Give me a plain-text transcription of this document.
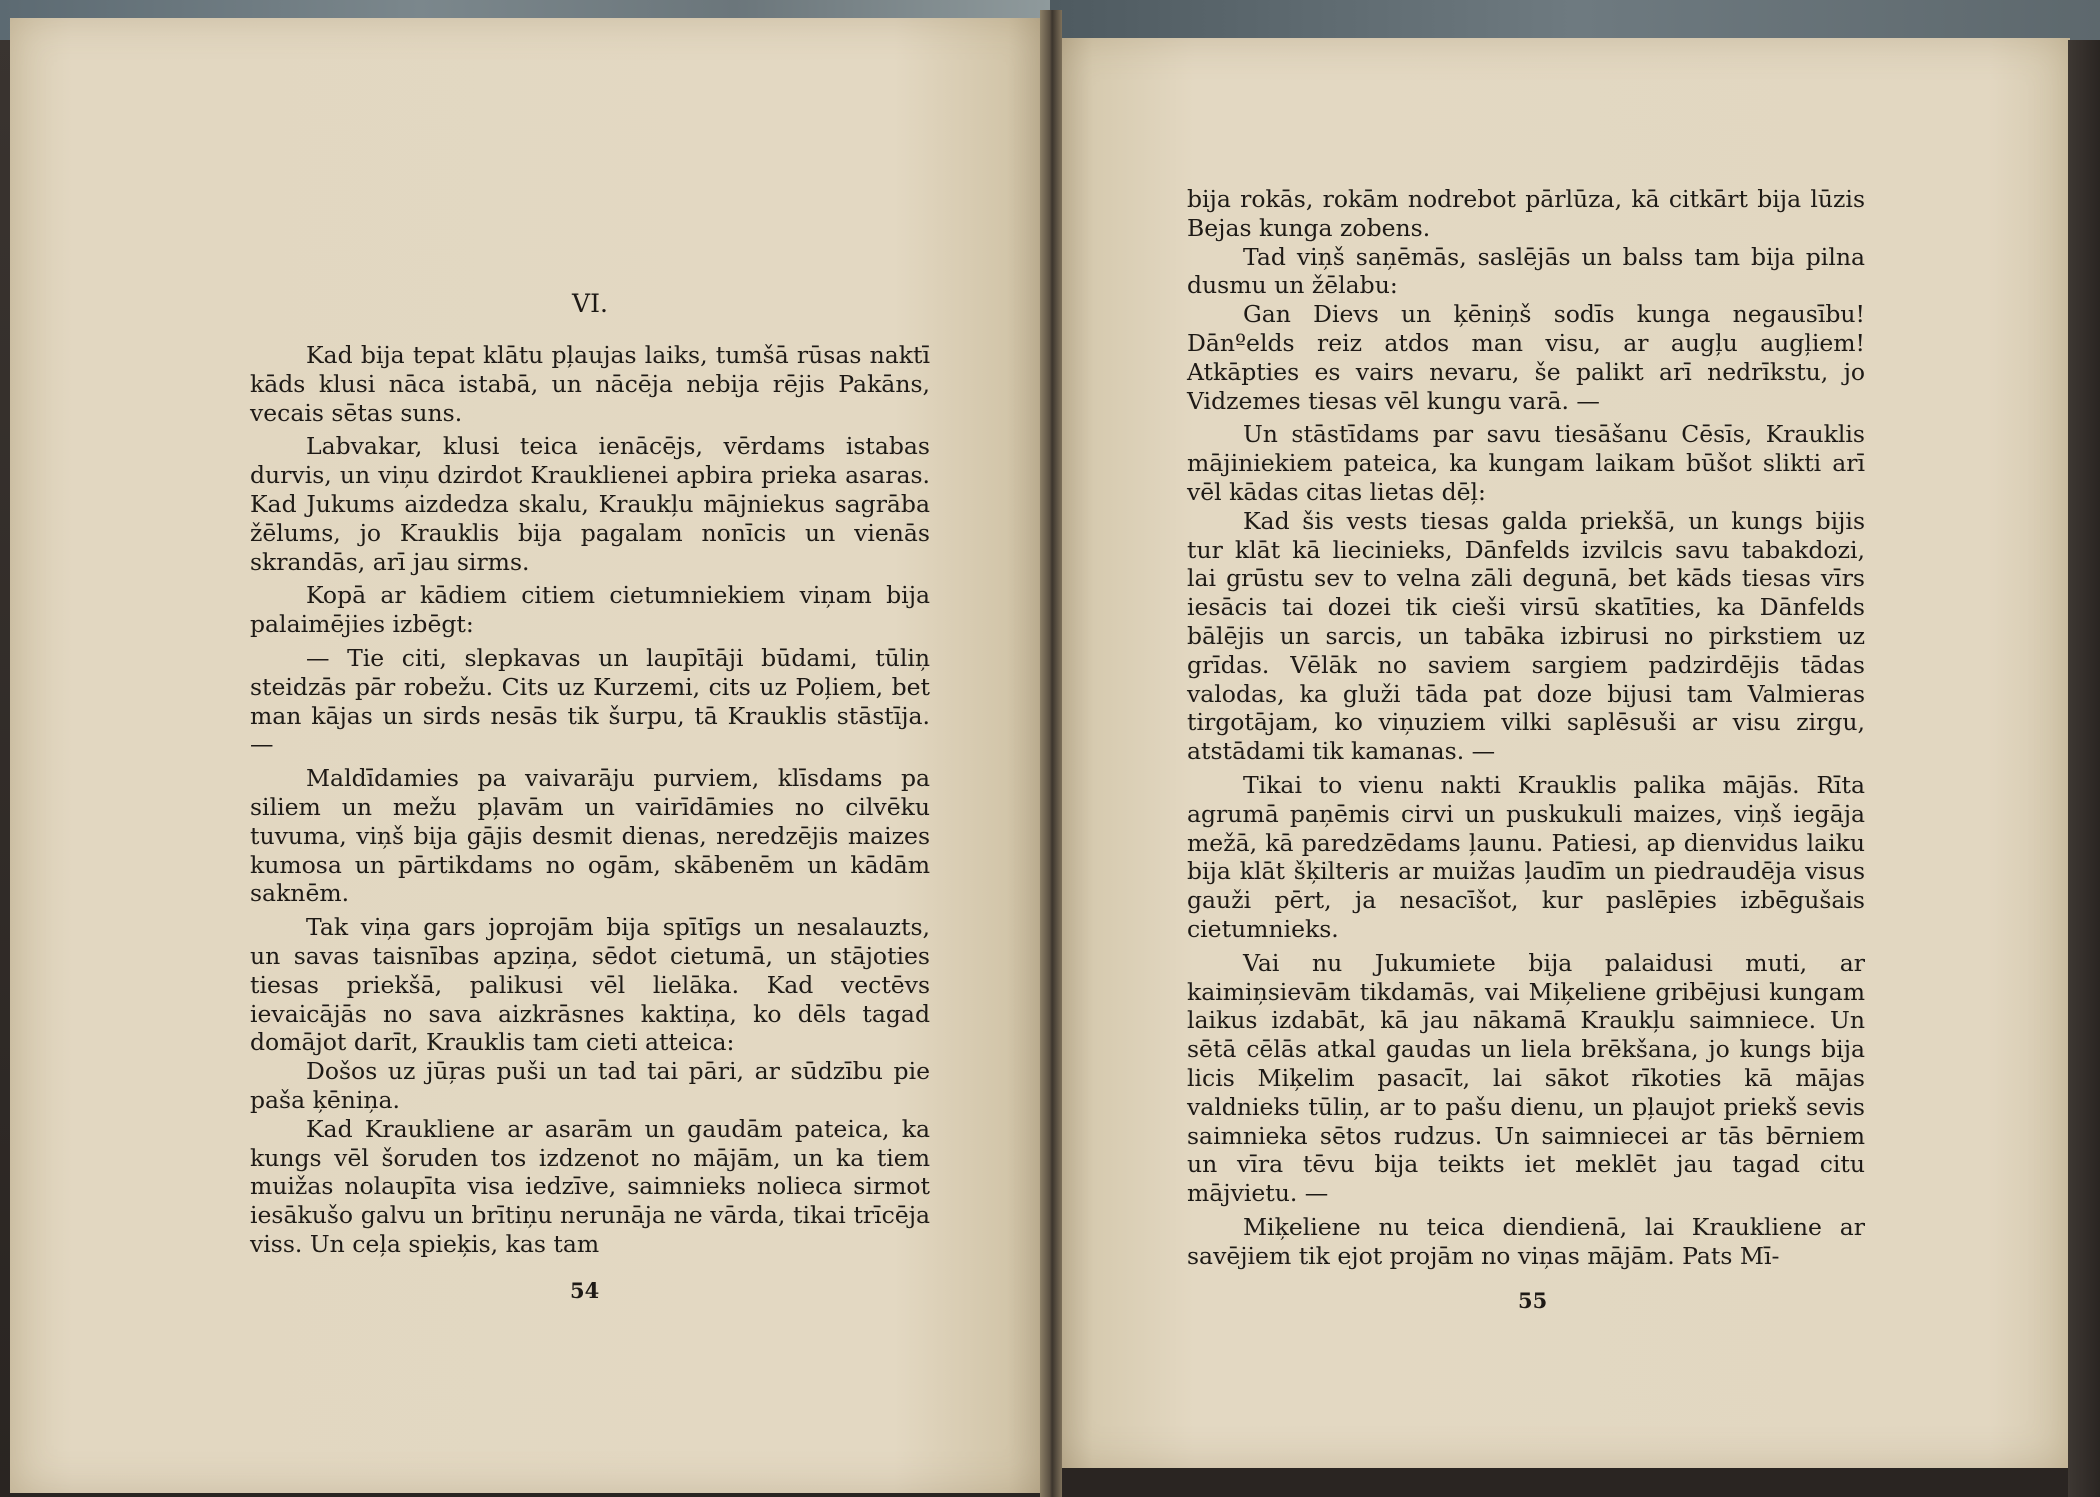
VI.

Kad bija tepat klātu pļaujas laiks, tumšā rūsas naktī kāds klusi nāca istabā, un nācēja nebija rējis Pakāns, vecais sētas suns.

Labvakar, klusi teica ienācējs, vērdams istabas durvis, un viņu dzirdot Krauklienei apbira prieka asaras. Kad Jukums aizdedza skalu, Kraukļu mājniekus sagrāba žēlums, jo Krauklis bija pagalam nonīcis un vienās skrandās, arī jau sirms.

Kopā ar kādiem citiem cietumniekiem viņam bija palaimējies izbēgt:

— Tie citi, slepkavas un laupītāji būdami, tūliņ steidzās pār robežu. Cits uz Kurzemi, cits uz Poļiem, bet man kājas un sirds nesās tik šurpu, tā Krauklis stāstīja. —

Maldīdamies pa vaivarāju purviem, klīsdams pa siliem un mežu pļavām un vairīdāmies no cilvēku tuvuma, viņš bija gājis desmit dienas, neredzējis maizes kumosa un pārtikdams no ogām, skābenēm un kādām saknēm.

Tak viņa gars joprojām bija spītīgs un nesalauzts, un savas taisnības apziņa, sēdot cietumā, un stājoties tiesas priekšā, palikusi vēl lielāka. Kad vectēvs ievaicājās no sava aizkrāsnes kaktiņa, ko dēls tagad domājot darīt, Krauklis tam cieti atteica:

Došos uz jūŗas puši un tad tai pāri, ar sūdzību pie paša ķēniņa.

Kad Kraukliene ar asarām un gaudām pateica, ka kungs vēl šoruden tos izdzenot no mājām, un ka tiem muižas nolaupīta visa iedzīve, saimnieks nolieca sirmot iesākušo galvu un brītiņu nerunāja ne vārda, tikai trīcēja viss. Un ceļa spieķis, kas tam

54

bija rokās, rokām nodrebot pārlūza, kā citkārt bija lūzis Bejas kunga zobens.

Tad viņš saņēmās, saslējās un balss tam bija pilna dusmu un žēlabu:

Gan Dievs un ķēniņš sodīs kunga negausību! Dānºelds reiz atdos man visu, ar augļu augļiem! Atkāpties es vairs nevaru, še palikt arī nedrīkstu, jo Vidzemes tiesas vēl kungu varā. —

Un stāstīdams par savu tiesāšanu Cēsīs, Krauklis mājiniekiem pateica, ka kungam laikam būšot slikti arī vēl kādas citas lietas dēļ:

Kad šis vests tiesas galda priekšā, un kungs bijis tur klāt kā liecinieks, Dānfelds izvilcis savu tabakdozi, lai grūstu sev to velna zāli degunā, bet kāds tiesas vīrs iesācis tai dozei tik cieši virsū skatīties, ka Dānfelds bālējis un sarcis, un tabāka izbirusi no pirkstiem uz grīdas. Vēlāk no saviem sargiem padzirdējis tādas valodas, ka gluži tāda pat doze bijusi tam Valmieras tirgotājam, ko viņuziem vilki saplēsuši ar visu zirgu, atstādami tik kamanas. —

Tikai to vienu nakti Krauklis palika mājās. Rīta agrumā paņēmis cirvi un puskukuli maizes, viņš iegāja mežā, kā paredzēdams ļaunu. Patiesi, ap dienvidus laiku bija klāt šķilteris ar muižas ļaudīm un piedraudēja visus gauži pērt, ja nesacīšot, kur paslēpies izbēgušais cietumnieks.

Vai nu Jukumiete bija palaidusi muti, ar kaimiņsievām tikdamās, vai Miķeliene gribējusi kungam laikus izdabāt, kā jau nākamā Kraukļu saimniece. Un sētā cēlās atkal gaudas un liela brēkšana, jo kungs bija licis Miķelim pasacīt, lai sākot rīkoties kā mājas valdnieks tūliņ, ar to pašu dienu, un pļaujot priekš sevis saimnieka sētos rudzus. Un saimniecei ar tās bērniem un vīra tēvu bija teikts iet meklēt jau tagad citu mājvietu. —

Miķeliene nu teica diendienā, lai Kraukliene ar savējiem tik ejot projām no viņas mājām. Pats Mī-

55
